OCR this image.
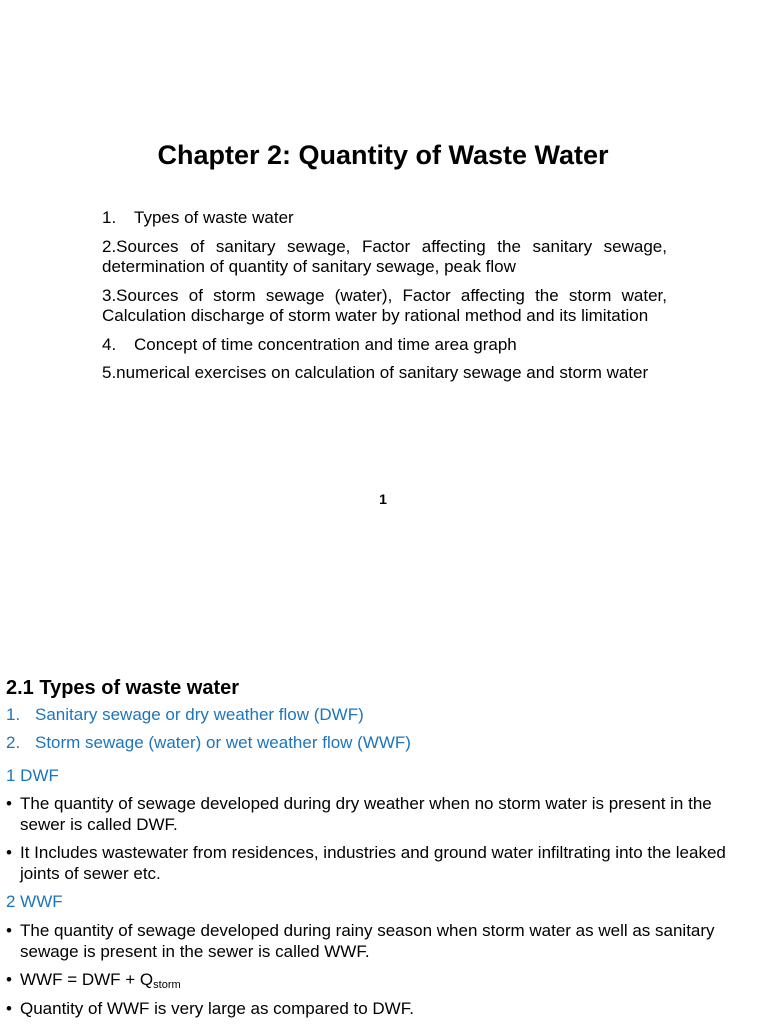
Chapter 2: Quantity of Waste Water
1. Types of waste water
2.Sources of sanitary sewage, Factor affecting the sanitary sewage, determination of quantity of sanitary sewage, peak flow
3.Sources of storm sewage (water), Factor affecting the storm water, Calculation discharge of storm water by rational method and its limitation
4. Concept of time concentration and time area graph
5.numerical exercises on calculation of sanitary sewage and storm water
1
2.1 Types of waste water
1. Sanitary sewage or dry weather flow (DWF)
2. Storm sewage (water) or wet weather flow (WWF)
1 DWF
• The quantity of sewage developed during dry weather when no storm water is present in the sewer is called DWF.
• It Includes wastewater from residences, industries and ground water infiltrating into the leaked joints of sewer etc.
2 WWF
• The quantity of sewage developed during rainy season when storm water as well as sanitary sewage is present in the sewer is called WWF.
• WWF = DWF + $Q_{storm}$
• Quantity of WWF is very large as compared to DWF.
